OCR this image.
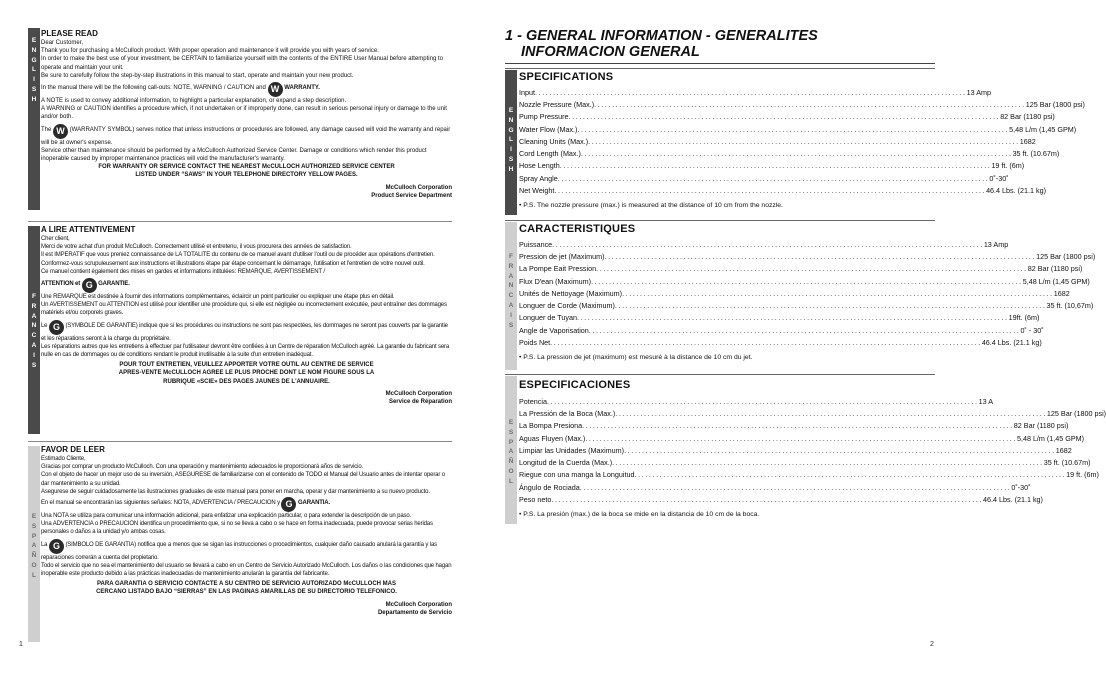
E
N
G
L
I
S
H
PLEASE READ

Dear Customer,

Thank you for purchasing a McCulloch product. With proper operation and maintenance it will provide you with years of service.

In order to make the best use of your investment, be CERTAIN to familiarize yourself with the contents of the ENTIRE User Manual before attempting to operate and maintain your unit.

Be sure to carefully follow the step-by-step illustrations in this manual to start, operate and maintain your new product.

In the manual there will be the following call-outs: NOTE, WARNING / CAUTION and W WARRANTY.

A NOTE is used to convey additional information, to highlight a particular explanation, or expand a step description.

A WARNING or CAUTION identifies a procedure which, if not undertaken or if improperly done, can result in serious personal injury or damage to the unit and/or both.

The W (WARRANTY SYMBOL) serves notice that unless instructions or procedures are followed, any damage caused will void the warranty and repair will be at owner's expense.

Service other than maintenance should be performed by a McCulloch Authorized Service Center. Damage or conditions which render this product inoperable caused by improper maintenance practices will void the manufacturer's warranty.

FOR WARRANTY OR SERVICE CONTACT THE NEAREST McCULLOCH AUTHORIZED SERVICE CENTER

LISTED UNDER “SAWS” IN YOUR TELEPHONE DIRECTORY YELLOW PAGES.

McCulloch Corporation

Product Service Department

F
R
A
N
C
A
I
S
A LIRE ATTENTIVEMENT

Cher client,

Merci de votre achat d'un produit McCulloch. Correctement utilisé et entretenu, il vous procurera des années de satisfaction.

Il est IMPERATIF que vous preniez connaissance de LA TOTALITE du contenu de ce manuel avant d'utiliser l'outil ou de procéder aux opérations d'entretien.

Conformez-vous scrupuleusement aux instructions et illustrations étape par étape concernant le démarrage, l'utilisation et l'entretien de votre nouvel outil.

Ce manuel contient également des mises en gardes et informations intitulées: REMARQUE, AVERTISSEMENT /

ATTENTION et G GARANTIE.

Une REMARQUE est destinée à fournir des informations complémentaires, éclaircir un point particulier ou expliquer une étape plus en détail.

Un AVERTISSEMENT ou ATTENTION est utilisé pour identifier une procédure qui, si elle est négligée ou incorrectement exécutée, peut entraîner des dommages matériels et/ou corporels graves.

Le G (SYMBOLE DE GARANTIE) indique que si les procédures ou instructions ne sont pas respectées, les dommages ne seront pas couverts par la garantie et les réparations seront à la charge du propriétaire.

Les réparations autres que les entretiens à effectuer par l'utilisateur devront être confiées à un Centre de réparation McCulloch agréé. La garantie du fabricant sera nulle en cas de dommages ou de conditions rendant le produit inutilisable à la suite d'un entretien inadéquat.

POUR TOUT ENTRETIEN, VEUILLEZ APPORTER VOTRE OUTIL AU CENTRE DE SERVICE

APRES-VENTE McCULLOCH AGREE LE PLUS PROCHE DONT LE NOM FIGURE SOUS LA

RUBRIQUE «SCIE» DES PAGES JAUNES DE L'ANNUAIRE.

McCulloch Corporation

Service de Réparation

E
S
P
A
Ñ
O
L
FAVOR DE LEER

Estimado Cliente,

Gracias por comprar un producto McCulloch. Con una operación y mantenimiento adecuados le proporcionará años de servicio.

Con el objeto de hacer un mejor uso de su inversión, ASEGURESE de familiarizarse con el contenido de TODO el Manual del Usuario antes de intentar operar o dar mantenimiento a su unidad.

Asegurese de seguir cuidadosamente las ilustraciones graduales de este manual para poner en marcha, operar y dar mantenimiento a su nuevo producto.

En el manual se encontrarán las siguientes señales: NOTA, ADVERTENCIA / PRECAUCION y G GARANTIA.

Una NOTA se utiliza para comunicar una información adicional, para enfatizar una explicación particular, o para extender la descripción de un paso.

Una ADVERTENCIA o PRECAUCION identifica un procedimiento que, si no se lleva a cabo o se hace en forma inadecuada, puede provocar serias heridas personales o daños a la unidad y/o ambas cosas.

La G (SIMBOLO DE GARANTIA) notifica que a menos que se sigan las instrucciones o procedimientos, cualquier daño causado anulará la garantía y las reparaciones correrán a cuenta del propietario.

Todo el servicio que no sea el mantenimiento del usuario se llevará a cabo en un Centro de Servicio Autorizado McCulloch. Los daños o las condiciones que hagan inoperable este producto debido a las prácticas inadecuadas de mantenimiento anularán la garantía del fabricante.

PARA GARANTIA O SERVICIO CONTACTE A SU CENTRO DE SERVICIO AUTORIZADO McCULLOCH MAS

CERCANO LISTADO BAJO “SIERRAS” EN LAS PAGINAS AMARILLAS DE SU DIRECTORIO TELEFONICO.

McCulloch Corporation

Departamento de Servicio

1
1 - GENERAL INFORMATION - GENERALITES
INFORMACION GENERAL
E
N
G
L
I
S
H
SPECIFICATIONS
Input ........................................................................................................................ 13 Amp
Nozzle Pressure (Max.) ........................................................................................................................ 125 Bar (1800 psi)
Pump Pressure ........................................................................................................................ 82 Bar (1180 psi)
Water Flow (Max.) ........................................................................................................................ 5,48 L/m (1,45 GPM)
Cleaning Units (Max.) ........................................................................................................................ 1682
Cord Length (Max.) ........................................................................................................................ 35 ft. (10.67m)
Hose Length ........................................................................................................................ 19 ft. (6m)
Spray Angle ........................................................................................................................ 0˚-30˚
Net Weight ........................................................................................................................ 46.4 Lbs. (21.1 kg)
• P.S. The nozzle pressure (max.) is measured at the distance of 10 cm from the nozzle.
F
R
A
N
C
A
I
S
CARACTERISTIQUES
Puissance ........................................................................................................................ 13 Amp
Pression de jet (Maximum) ........................................................................................................................ 125 Bar (1800 psi)
La Pompe Eait Pression ........................................................................................................................ 82 Bar (1180 psi)
Flux D'ean (Maximum) ........................................................................................................................ 5,48 L/m (1,45 GPM)
Unités de Nettoyage (Maximum) ........................................................................................................................ 1682
Longuer de Corde (Maximum) ........................................................................................................................ 35 ft. (10,67m)
Longuer de Tuyan ........................................................................................................................ 19ft. (6m)
Angle de Vaporisation ........................................................................................................................ 0˚ - 30˚
Poids Net ........................................................................................................................ 46.4 Lbs. (21.1 kg)
• P.S. La pression de jet (maximum) est mesuré à la distance de 10 cm du jet.
E
S
P
A
Ñ
O
L
ESPECIFICACIONES
Potencia ........................................................................................................................ 13 A
La Pressión de la Boca (Max.) ........................................................................................................................ 125 Bar (1800 psi)
La Bompa Presiona ........................................................................................................................ 82 Bar (1180 psi)
Aguas Fluyen (Max.) ........................................................................................................................ 5,48 L/m (1,45 GPM)
Limpiar las Unidades (Maximum) ........................................................................................................................ 1682
Longitud de la Cuerda (Max.) ........................................................................................................................ 35 ft. (10.67m)
Riegue con una manga la Longuitud ........................................................................................................................ 19 ft. (6m)
Ángulo de Rociada ........................................................................................................................ 0˚-30˚
Peso neto ........................................................................................................................ 46.4 Lbs. (21.1 kg)
• P.S. La presión (max.) de la boca se mide en la distancia de 10 cm de la boca.
2
